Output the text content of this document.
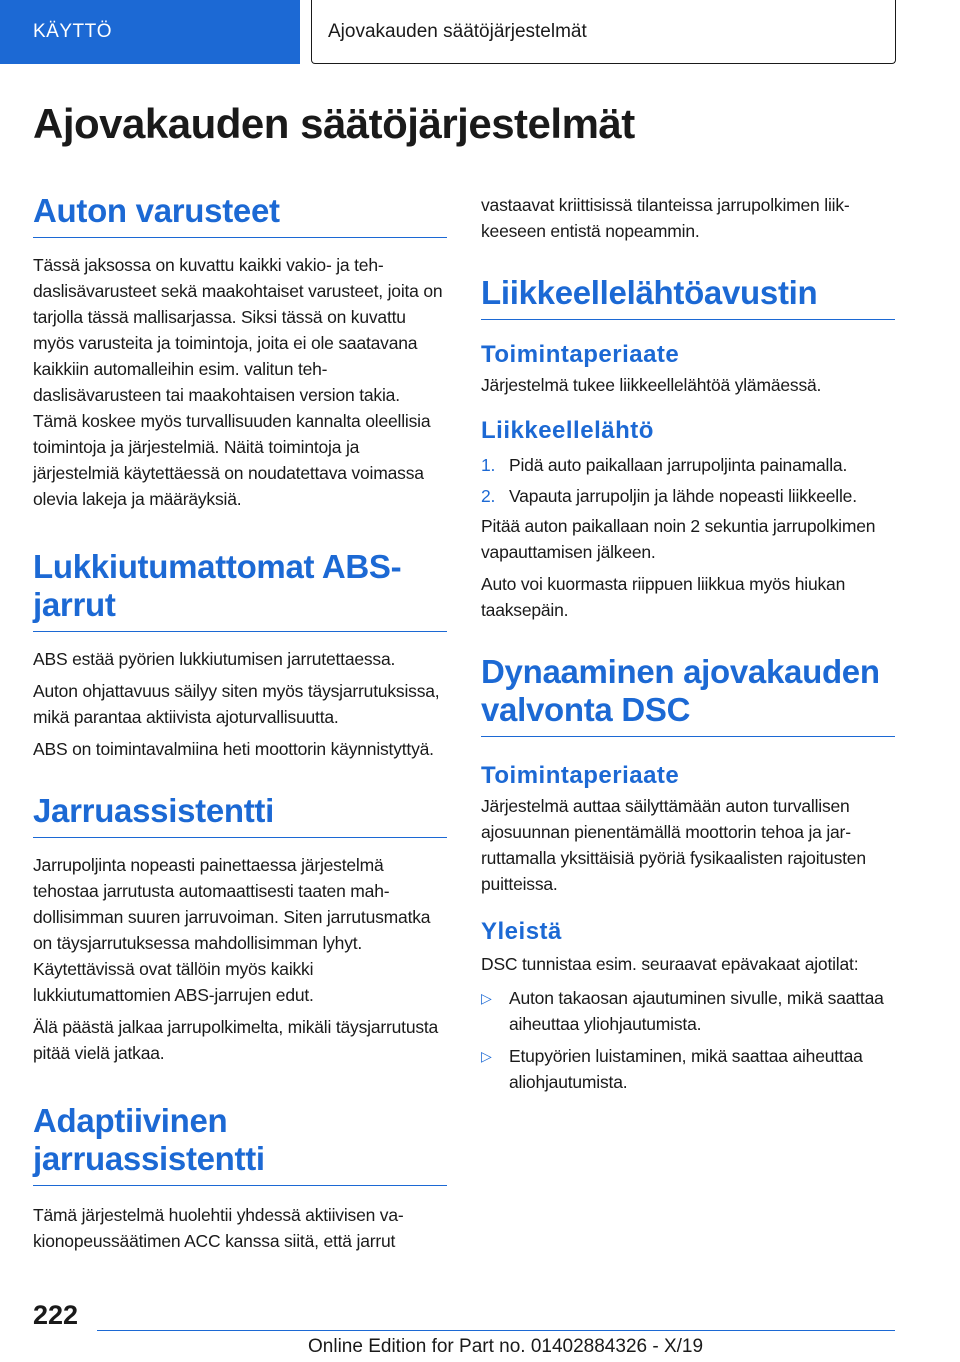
KÄYTTÖ	Ajovakauden säätöjärjestelmät
Ajovakauden säätöjärjestelmät
Auton varusteet

Tässä jaksossa on kuvattu kaikki vakio- ja tehdaslisävarusteet sekä maakohtaiset varusteet, joita on tarjolla tässä mallisarjassa. Siksi tässä on kuvattu myös varusteita ja toimintoja, joita ei ole saatavana kaikkiin automalleihin esim. valitun tehdaslisävarusteen tai maakohtaisen version takia. Tämä koskee myös turvallisuuden kannalta oleellisia toimintoja ja järjestelmiä. Näitä toimintoja ja järjestelmiä käytettäessä on noudatettava voimassa olevia lakeja ja määräyksiä.

Lukkiutumattomat ABS-jarrut

ABS estää pyörien lukkiutumisen jarrutettaessa.

Auton ohjattavuus säilyy siten myös täysjarrutuksissa, mikä parantaa aktiivista ajoturvallisuutta.

ABS on toimintavalmiina heti moottorin käynnistyttyä.

Jarruassistentti

Jarrupoljinta nopeasti painettaessa järjestelmä tehostaa jarrutusta automaattisesti taaten mahdollisimman suuren jarruvoiman. Siten jarrutusmatka on täysjarrutuksessa mahdollisimman lyhyt. Käytettävissä ovat tällöin myös kaikki lukkiutumattomien ABS-jarrujen edut.

Älä päästä jalkaa jarrupolkimelta, mikäli täysjarrutusta pitää vielä jatkaa.

Adaptiivinen jarruassistentti

Tämä järjestelmä huolehtii yhdessä aktiivisen vakionopeussäätimen ACC kanssa siitä, että jarrut

vastaavat kriittisissä tilanteissa jarrupolkimen liikkeeseen entistä nopeammin.

Liikkeellelähtöavustin
Toimintaperiaate

Järjestelmä tukee liikkeellelähtöä ylämäessä.

Liikkeellelähtö
1. Pidä auto paikallaan jarrupoljinta painamalla.
2. Vapauta jarrupoljin ja lähde nopeasti liikkeelle.

Pitää auton paikallaan noin 2 sekuntia jarrupolkimen vapauttamisen jälkeen.

Auto voi kuormasta riippuen liikkua myös hiukan taaksepäin.

Dynaaminen ajovakauden valvonta DSC
Toimintaperiaate

Järjestelmä auttaa säilyttämään auton turvallisen ajosuunnan pienentämällä moottorin tehoa ja jarruttamalla yksittäisiä pyöriä fysikaalisten rajoitusten puitteissa.

Yleistä

DSC tunnistaa esim. seuraavat epävakaat ajotilat:

▷ Auton takaosan ajautuminen sivulle, mikä saattaa aiheuttaa yliohjautumista.
▷ Etupyörien luistaminen, mikä saattaa aiheuttaa aliohjautumista.
222
Online Edition for Part no. 01402884326 - X/19
